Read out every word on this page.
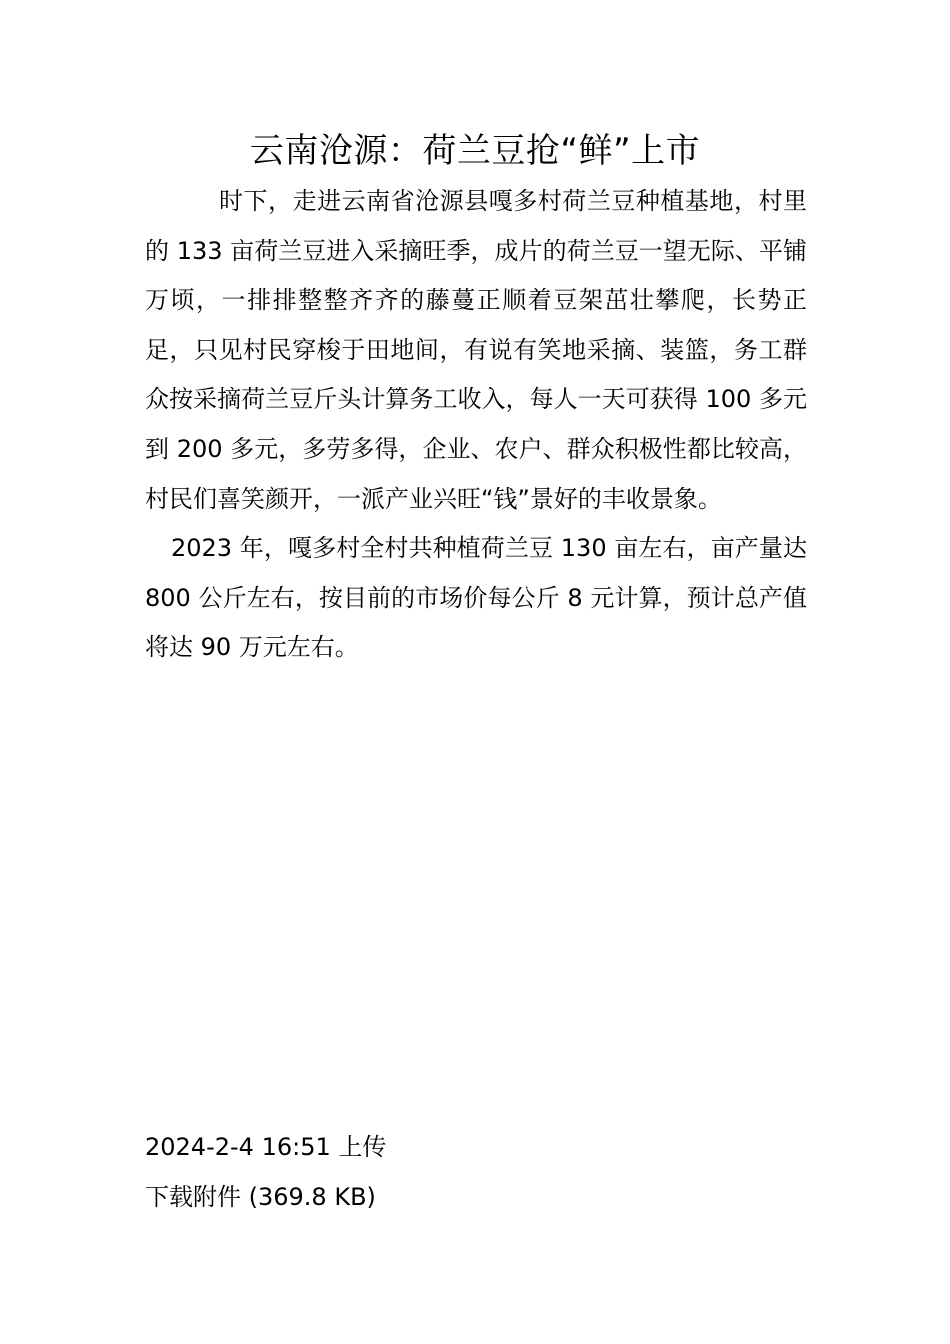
云南沧源：荷兰豆抢“鲜”上市

时下，走进云南省沧源县嘎多村荷兰豆种植基地，村里的 133 亩荷兰豆进入采摘旺季，成片的荷兰豆一望无际、平铺万顷，一排排整整齐齐的藤蔓正顺着豆架茁壮攀爬，长势正足，只见村民穿梭于田地间，有说有笑地采摘、装篮，务工群众按采摘荷兰豆斤头计算务工收入，每人一天可获得 100 多元到 200 多元，多劳多得，企业、农户、群众积极性都比较高，村民们喜笑颜开，一派产业兴旺“钱”景好的丰收景象。

2023 年，嘎多村全村共种植荷兰豆 130 亩左右，亩产量达 800 公斤左右，按目前的市场价每公斤 8 元计算，预计总产值将达 90 万元左右。

2024-2-4 16:51 上传

下载附件 (369.8 KB)
